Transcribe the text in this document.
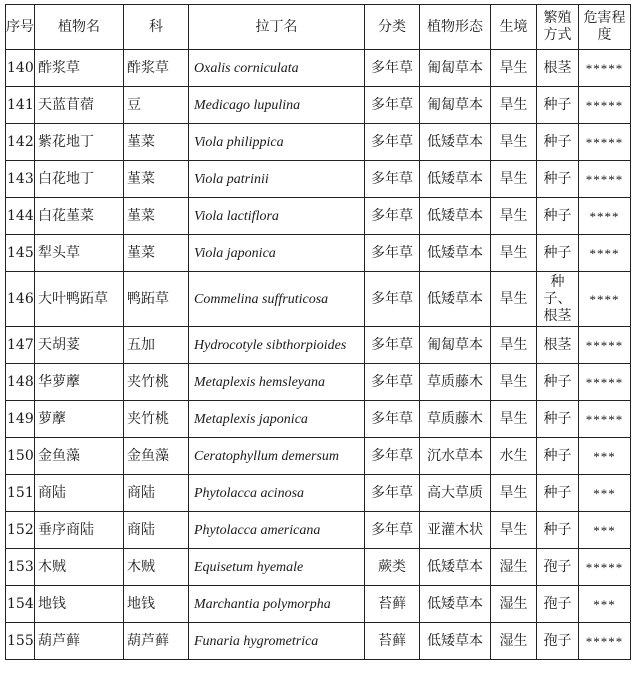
序号	植物名	科	拉丁名	分类	植物形态	生境	繁殖方式	危害程度
140	酢浆草	酢浆草	Oxalis corniculata	多年草	匍匐草本	旱生	根茎	*****
141	天蓝苜蓿	豆	Medicago lupulina	多年草	匍匐草本	旱生	种子	*****
142	紫花地丁	堇菜	Viola philippica	多年草	低矮草本	旱生	种子	*****
143	白花地丁	堇菜	Viola patrinii	多年草	低矮草本	旱生	种子	*****
144	白花堇菜	堇菜	Viola lactiflora	多年草	低矮草本	旱生	种子	****
145	犁头草	堇菜	Viola japonica	多年草	低矮草本	旱生	种子	****
146	大叶鸭跖草	鸭跖草	Commelina suffruticosa	多年草	低矮草本	旱生	种子、根茎	****
147	天胡荽	五加	Hydrocotyle sibthorpioides	多年草	匍匐草本	旱生	根茎	*****
148	华萝藦	夹竹桃	Metaplexis hemsleyana	多年草	草质藤木	旱生	种子	*****
149	萝藦	夹竹桃	Metaplexis japonica	多年草	草质藤木	旱生	种子	*****
150	金鱼藻	金鱼藻	Ceratophyllum demersum	多年草	沉水草本	水生	种子	***
151	商陆	商陆	Phytolacca acinosa	多年草	高大草质	旱生	种子	***
152	垂序商陆	商陆	Phytolacca americana	多年草	亚灌木状	旱生	种子	***
153	木贼	木贼	Equisetum hyemale	蕨类	低矮草本	湿生	孢子	*****
154	地钱	地钱	Marchantia polymorpha	苔藓	低矮草本	湿生	孢子	***
155	葫芦藓	葫芦藓	Funaria hygrometrica	苔藓	低矮草本	湿生	孢子	*****
